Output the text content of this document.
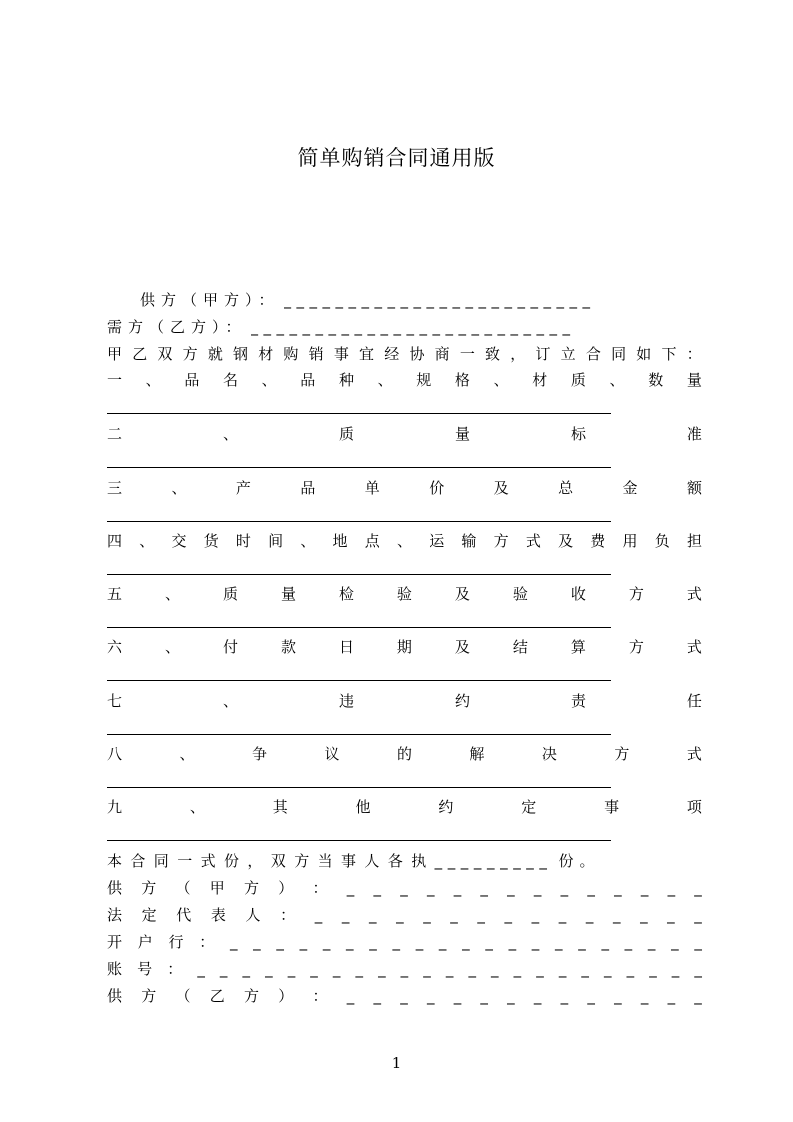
简单购销合同通用版
供方（甲方）： ________________________
需方（乙方）： _________________________
甲 乙 双 方 就 钢 材 购 销 事 宜 经 协 商 一 致 ， 订 立 合 同 如 下 ：
一 、 品 名 、 品 种 、 规 格 、 材 质 、 数 量
二	、	质	量	标	准
三	、	产	品	单	价	及	总	金	额
四 、 交 货 时 间 、 地 点 、 运 输 方 式 及 费 用 负 担
五	、	质	量	检	验	及	验	收	方	式
六	、	付	款	日	期	及	结	算	方	式
七	、	违	约	责	任
八	、	争	议	的	解	决	方	式
九	、	其	他	约	定	事	项
本合同一式份，双方当事人各执 _________ 份。
供 方 （ 甲 方 ） ： _ _ _ _ _ _ _ _ _ _ _ _ _ _
法 定 代 表 人 ： _ _ _ _ _ _ _ _ _ _ _ _ _ _ _
开 户 行 ： _ _ _ _ _ _ _ _ _ _ _ _ _ _ _ _ _ _ _ _ _
账 号 ： _ _ _ _ _ _ _ _ _ _ _ _ _ _ _ _ _ _ _ _ _ _ _
供 方 （ 乙 方 ） ： _ _ _ _ _ _ _ _ _ _ _ _ _ _
1
